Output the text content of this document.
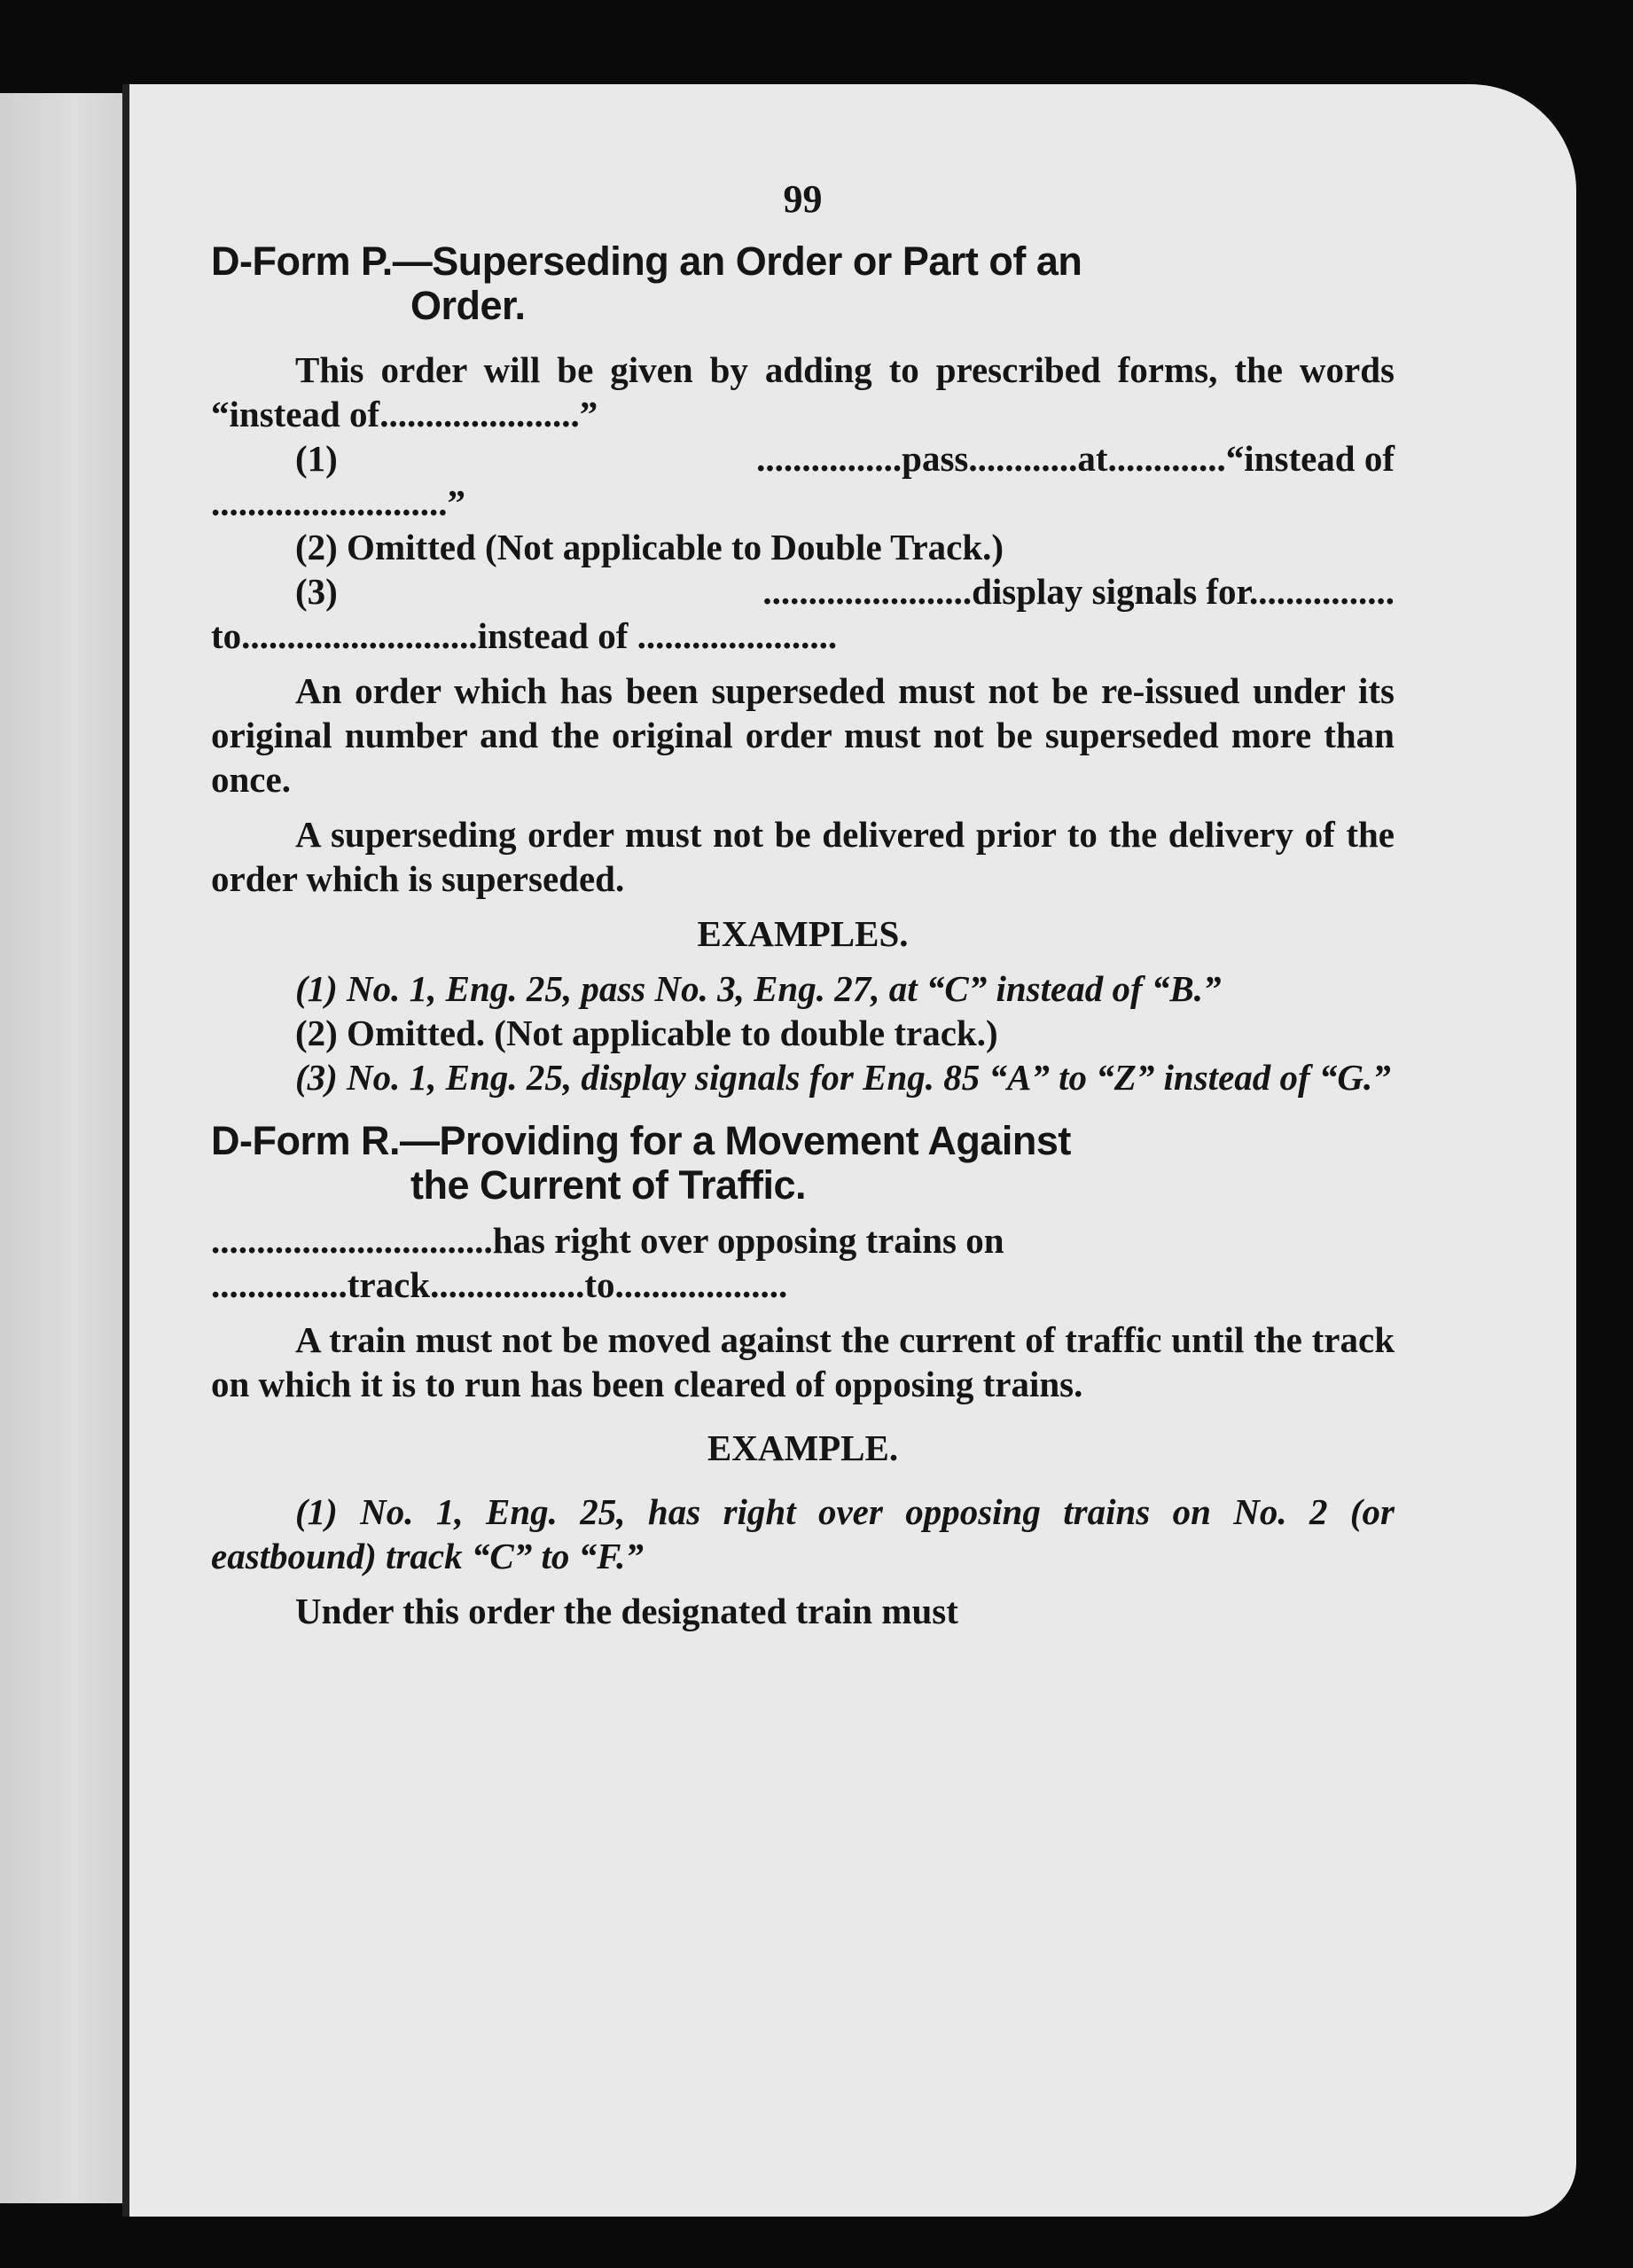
99
D-Form P.—Superseding an Order or Part of an
Order.

This order will be given by adding to prescribed forms, the words “instead of......................”

(1)	................pass............at.............“instead of

..........................”

(2) Omitted (Not applicable to Double Track.)

(3)	.......................display signals for................

to..........................instead of ......................

An order which has been superseded must not be re-issued under its original number and the original order must not be superseded more than once.

A superseding order must not be delivered prior to the delivery of the order which is superseded.

EXAMPLES.

(1) No. 1, Eng. 25, pass No. 3, Eng. 27, at “C” instead of “B.”

(2) Omitted. (Not applicable to double track.)

(3) No. 1, Eng. 25, display signals for Eng. 85 “A” to “Z” instead of “G.”

D-Form R.—Providing for a Movement Against
the Current of Traffic.

...............................has right over opposing trains on

...............track.................to...................

A train must not be moved against the current of traffic until the track on which it is to run has been cleared of opposing trains.

EXAMPLE.

(1) No. 1, Eng. 25, has right over opposing trains on No. 2 (or eastbound) track “C” to “F.”

Under this order the designated train must
